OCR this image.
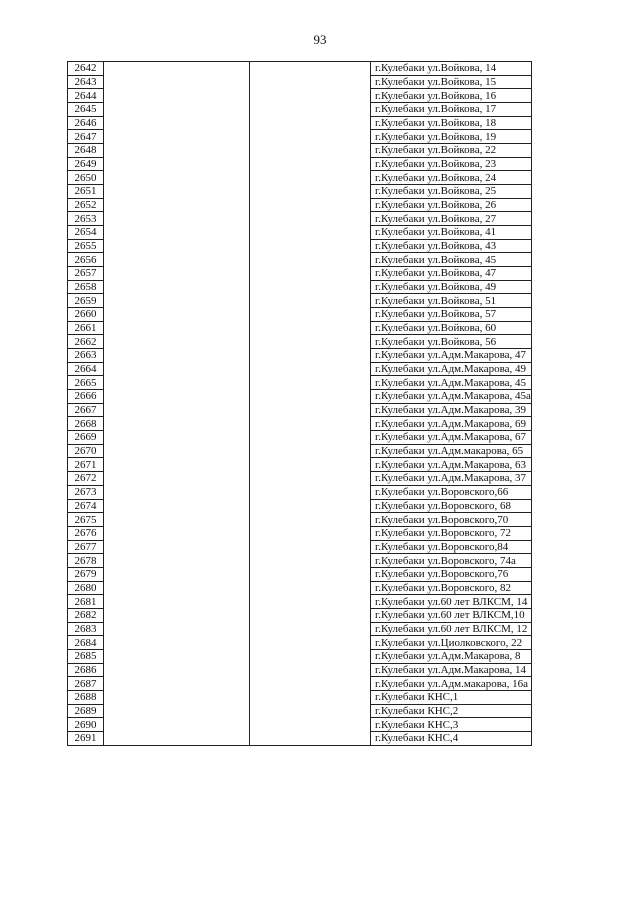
93
2642			г.Кулебаки ул.Войкова, 14
2643			г.Кулебаки ул.Войкова, 15
2644			г.Кулебаки ул.Войкова, 16
2645			г.Кулебаки ул.Войкова, 17
2646			г.Кулебаки ул.Войкова, 18
2647			г.Кулебаки ул.Войкова, 19
2648			г.Кулебаки ул.Войкова, 22
2649			г.Кулебаки ул.Войкова, 23
2650			г.Кулебаки ул.Войкова, 24
2651			г.Кулебаки ул.Войкова, 25
2652			г.Кулебаки ул.Войкова, 26
2653			г.Кулебаки ул.Войкова, 27
2654			г.Кулебаки ул.Войкова, 41
2655			г.Кулебаки ул.Войкова, 43
2656			г.Кулебаки ул.Войкова, 45
2657			г.Кулебаки ул.Войкова, 47
2658			г.Кулебаки ул.Войкова, 49
2659			г.Кулебаки ул.Войкова, 51
2660			г.Кулебаки ул.Войкова, 57
2661			г.Кулебаки ул.Войкова, 60
2662			г.Кулебаки ул.Войкова, 56
2663			г.Кулебаки ул.Адм.Макарова, 47
2664			г.Кулебаки ул.Адм.Макарова, 49
2665			г.Кулебаки ул.Адм.Макарова, 45
2666			г.Кулебаки ул.Адм.Макарова, 45а
2667			г.Кулебаки ул.Адм.Макарова, 39
2668			г.Кулебаки ул.Адм.Макарова, 69
2669			г.Кулебаки ул.Адм.Макарова, 67
2670			г.Кулебаки ул.Адм.макарова, 65
2671			г.Кулебаки ул.Адм.Макарова, 63
2672			г.Кулебаки ул.Адм.Макарова, 37
2673			г.Кулебаки ул.Воровского,66
2674			г.Кулебаки ул.Воровского, 68
2675			г.Кулебаки ул.Воровского,70
2676			г.Кулебаки ул.Воровского, 72
2677			г.Кулебаки ул.Воровского,84
2678			г.Кулебаки ул.Воровского, 74а
2679			г.Кулебаки ул.Воровского,76
2680			г.Кулебаки ул.Воровского, 82
2681			г.Кулебаки ул.60 лет ВЛКСМ, 14
2682			г.Кулебаки ул.60 лет ВЛКСМ,10
2683			г.Кулебаки ул.60 лет ВЛКСМ, 12
2684			г.Кулебаки ул.Циолковского, 22
2685			г.Кулебаки ул.Адм.Макарова, 8
2686			г.Кулебаки ул.Адм.Макарова, 14
2687			г.Кулебаки ул.Адм.макарова, 16а
2688			г.Кулебаки КНС,1
2689			г.Кулебаки КНС,2
2690			г.Кулебаки КНС,3
2691			г.Кулебаки КНС,4
